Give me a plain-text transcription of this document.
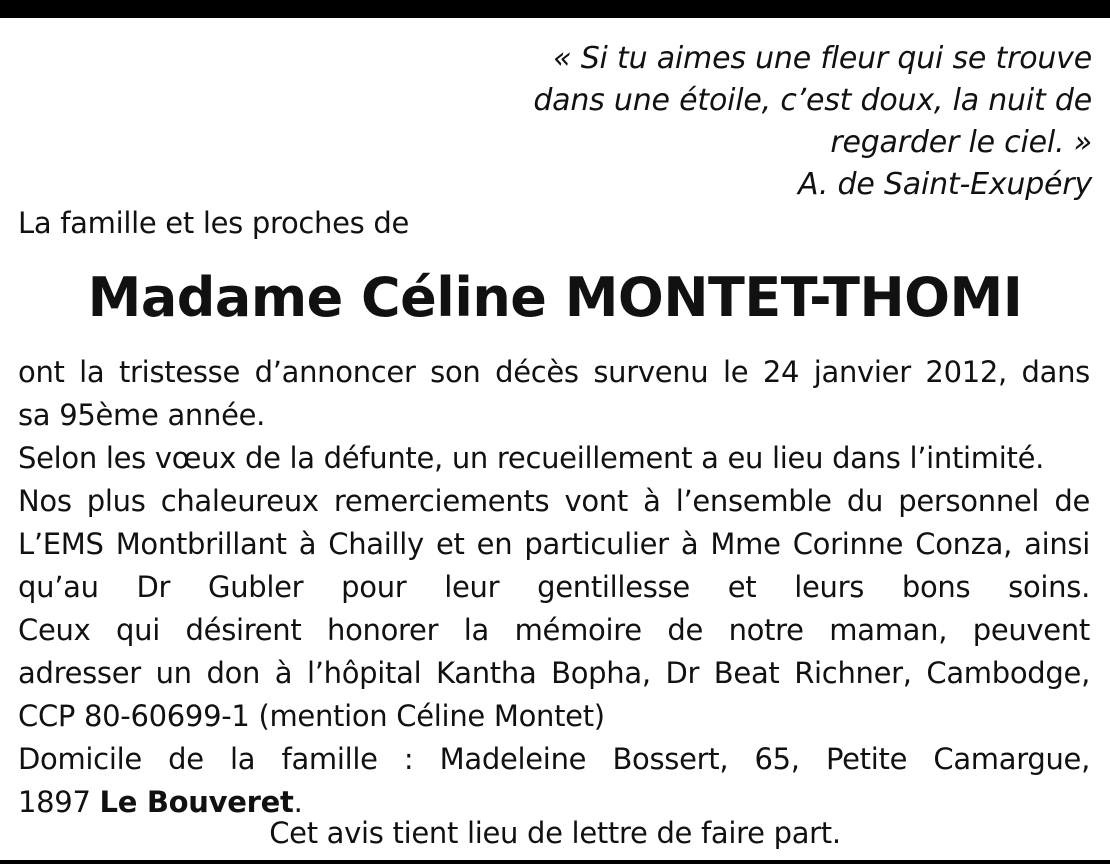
« Si tu aimes une fleur qui se trouve
dans une étoile, c’est doux, la nuit de
regarder le ciel. »
A. de Saint-Exupéry
La famille et les proches de
Madame Céline MONTET-THOMI
ont la tristesse d’annoncer son décès survenu le 24 janvier 2012, dans
sa 95ème année.
Selon les vœux de la défunte, un recueillement a eu lieu dans l’intimité.
Nos plus chaleureux remerciements vont à l’ensemble du personnel de
L’EMS Montbrillant à Chailly et en particulier à Mme Corinne Conza, ainsi
qu’au Dr Gubler pour leur gentillesse et leurs bons soins.
Ceux qui désirent honorer la mémoire de notre maman, peuvent
adresser un don à l’hôpital Kantha Bopha, Dr Beat Richner, Cambodge,
CCP 80-60699-1 (mention Céline Montet)
Domicile de la famille : Madeleine Bossert, 65, Petite Camargue,
1897 Le Bouveret.
Cet avis tient lieu de lettre de faire part.
